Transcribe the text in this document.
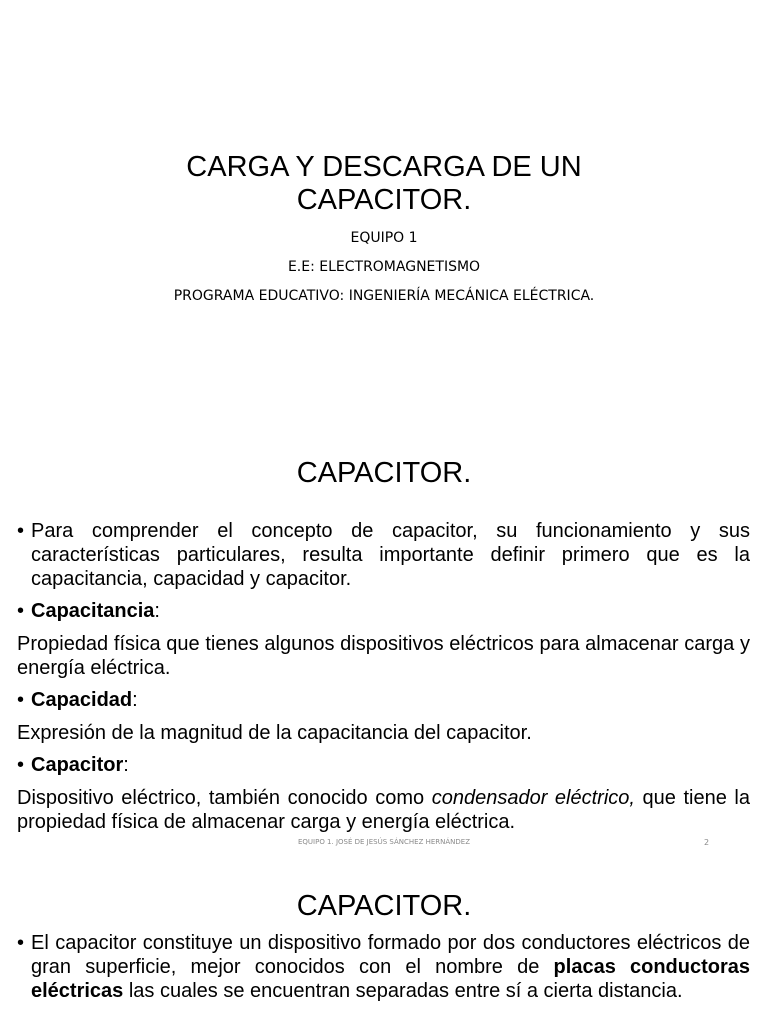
CARGA Y DESCARGA DE UN
CAPACITOR.
EQUIPO 1
E.E: ELECTROMAGNETISMO
PROGRAMA EDUCATIVO: INGENIERÍA MECÁNICA ELÉCTRICA.
CAPACITOR.
• Para comprender el concepto de capacitor, su funcionamiento y sus características particulares, resulta importante definir primero que es la capacitancia, capacidad y capacitor.
• Capacitancia:
Propiedad física que tienes algunos dispositivos eléctricos para almacenar carga y energía eléctrica.
• Capacidad:
Expresión de la magnitud de la capacitancia del capacitor.
• Capacitor:
Dispositivo eléctrico, también conocido como condensador eléctrico, que tiene la propiedad física de almacenar carga y energía eléctrica.
EQUIPO 1. JOSÉ DE JESÚS SÁNCHEZ HERNÁNDEZ	2
CAPACITOR.
• El capacitor constituye un dispositivo formado por dos conductores eléctricos de gran superficie, mejor conocidos con el nombre de placas conductoras eléctricas las cuales se encuentran separadas entre sí a cierta distancia.
